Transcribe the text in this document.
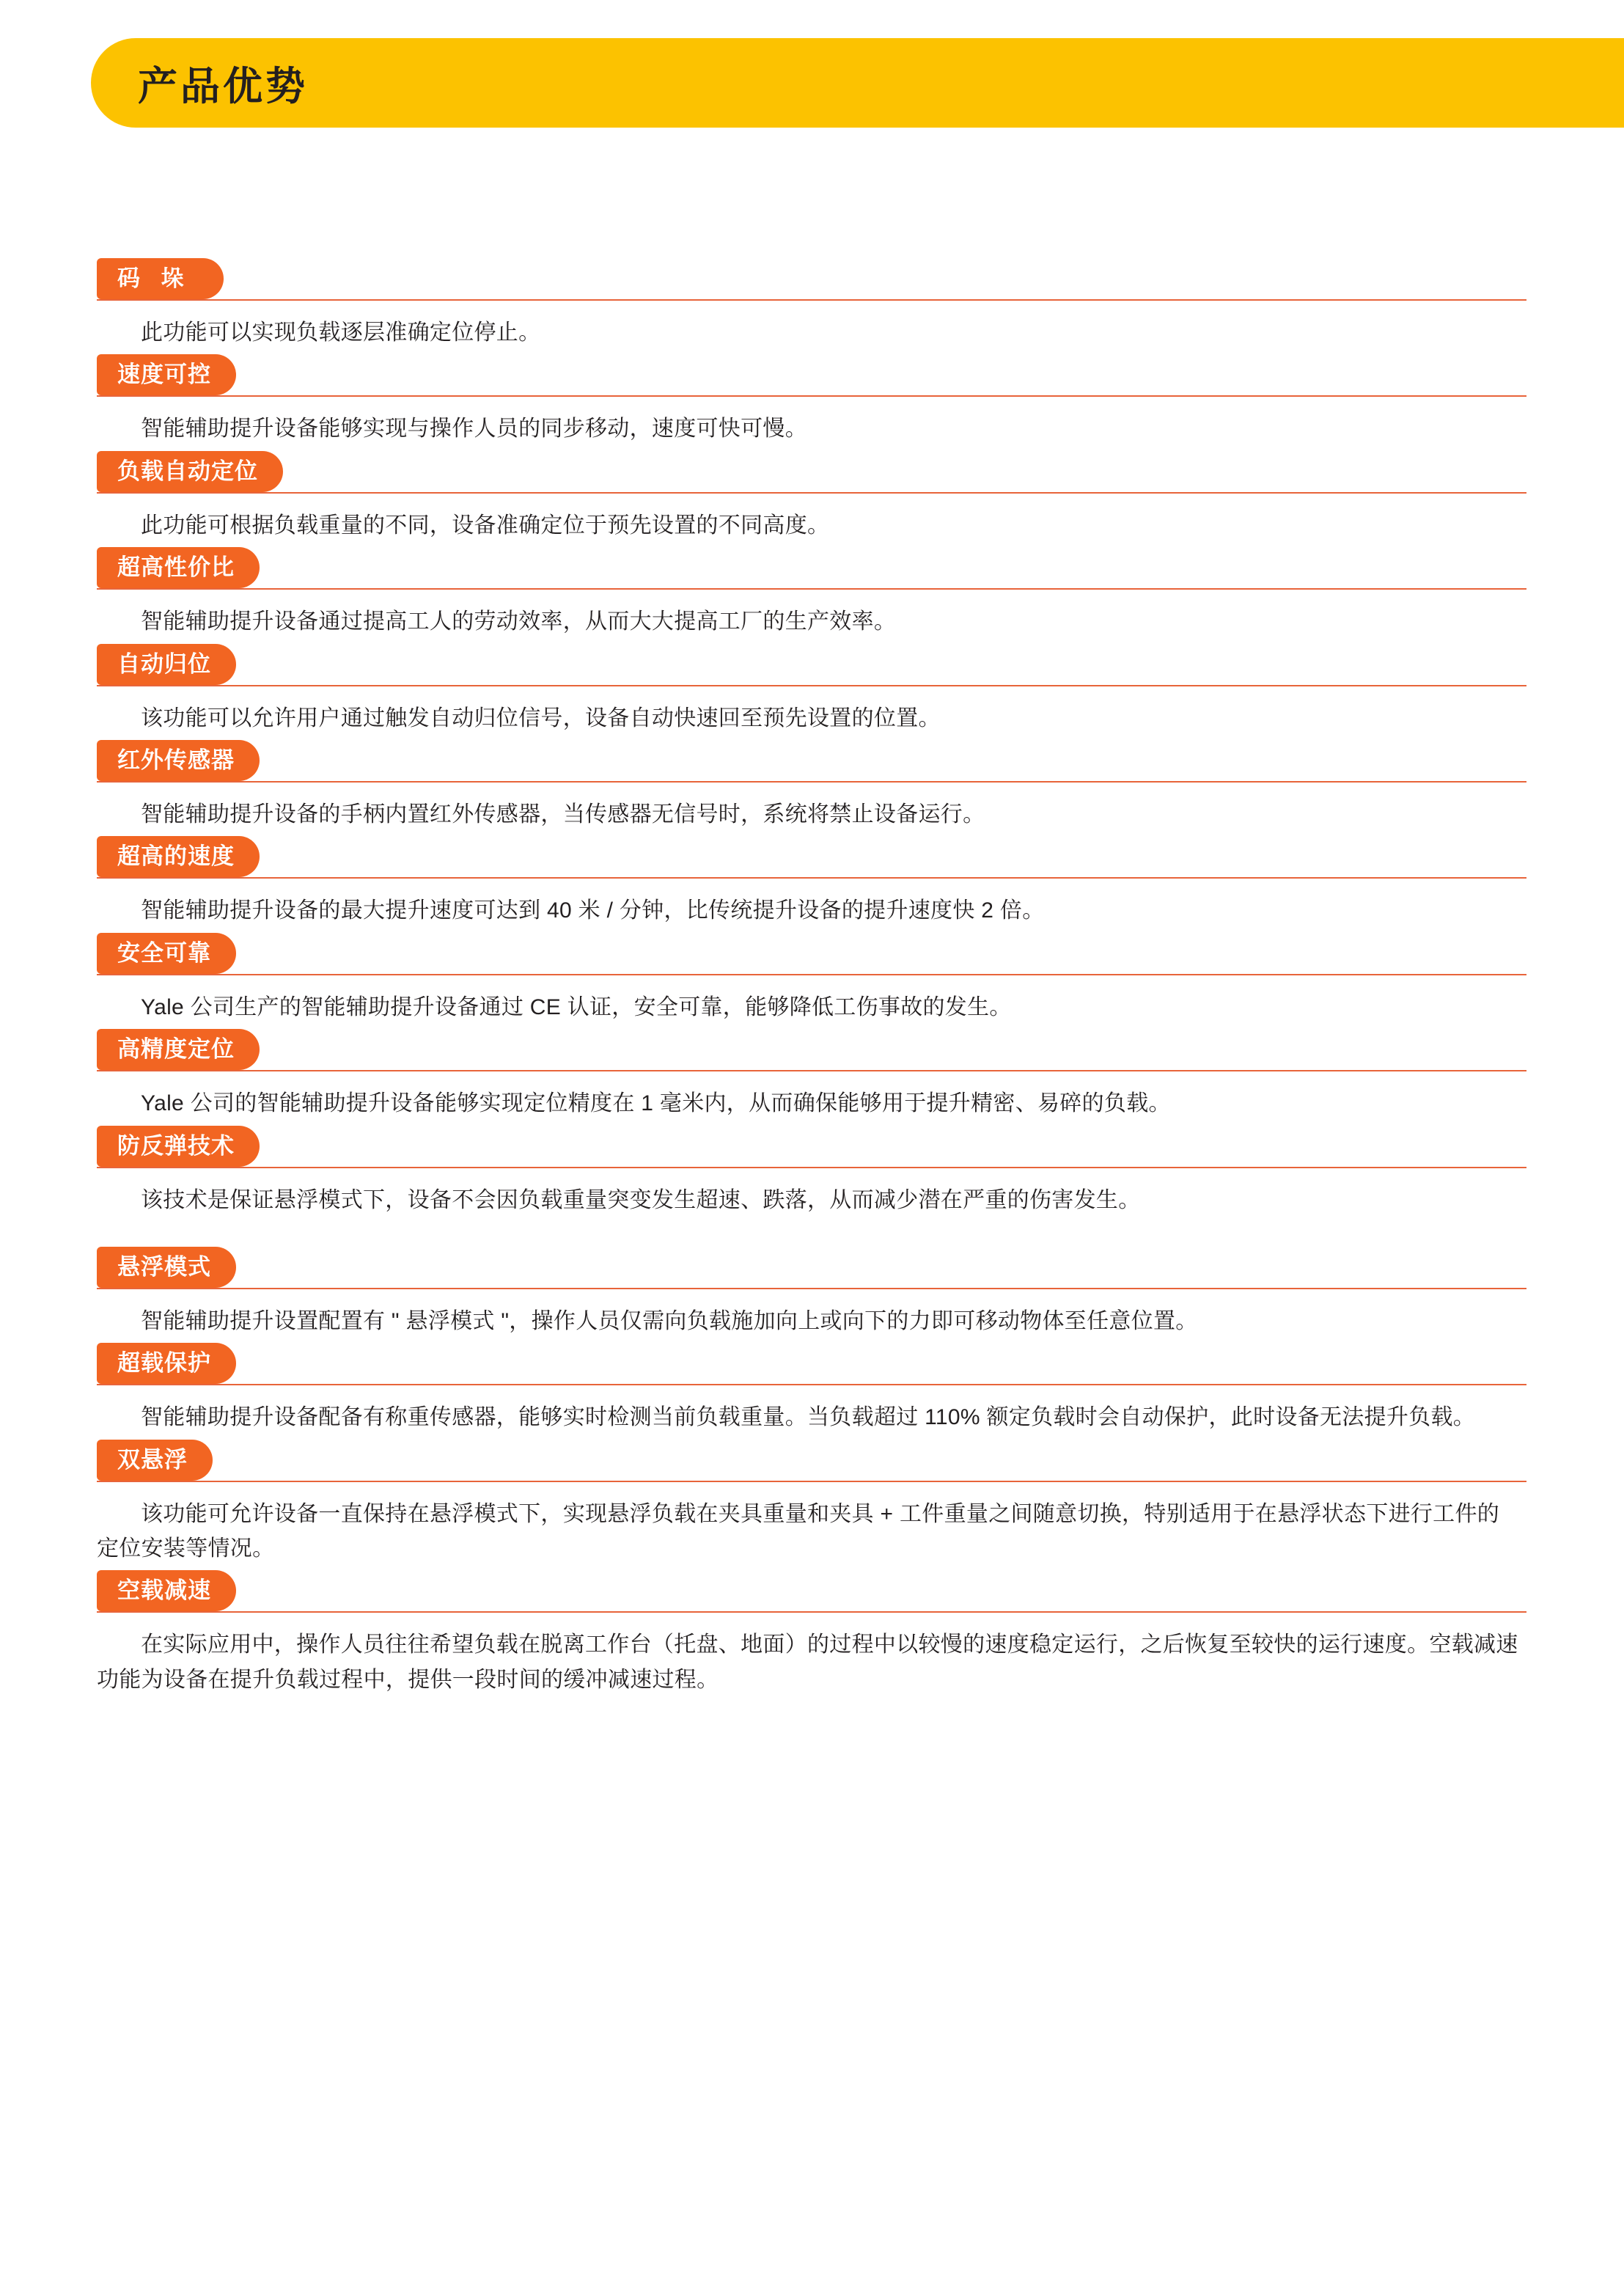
产品优势
码 垛

此功能可以实现负载逐层准确定位停止。

速度可控

智能辅助提升设备能够实现与操作人员的同步移动，速度可快可慢。

负载自动定位

此功能可根据负载重量的不同，设备准确定位于预先设置的不同高度。

超高性价比

智能辅助提升设备通过提高工人的劳动效率，从而大大提高工厂的生产效率。

自动归位

该功能可以允许用户通过触发自动归位信号，设备自动快速回至预先设置的位置。

红外传感器

智能辅助提升设备的手柄内置红外传感器，当传感器无信号时，系统将禁止设备运行。

超高的速度

智能辅助提升设备的最大提升速度可达到 40 米 / 分钟，比传统提升设备的提升速度快 2 倍。

安全可靠

Yale 公司生产的智能辅助提升设备通过 CE 认证，安全可靠，能够降低工伤事故的发生。

高精度定位

Yale 公司的智能辅助提升设备能够实现定位精度在 1 毫米内，从而确保能够用于提升精密、易碎的负载。

防反弹技术

该技术是保证悬浮模式下，设备不会因负载重量突变发生超速、跌落，从而减少潜在严重的伤害发生。

悬浮模式

智能辅助提升设置配置有 " 悬浮模式 "，操作人员仅需向负载施加向上或向下的力即可移动物体至任意位置。

超载保护

智能辅助提升设备配备有称重传感器，能够实时检测当前负载重量。当负载超过 110% 额定负载时会自动保护，此时设备无法提升负载。

双悬浮

该功能可允许设备一直保持在悬浮模式下，实现悬浮负载在夹具重量和夹具 + 工件重量之间随意切换，特别适用于在悬浮状态下进行工件的定位安装等情况。

空载减速

在实际应用中，操作人员往往希望负载在脱离工作台（托盘、地面）的过程中以较慢的速度稳定运行，之后恢复至较快的运行速度。空载减速功能为设备在提升负载过程中，提供一段时间的缓冲减速过程。
